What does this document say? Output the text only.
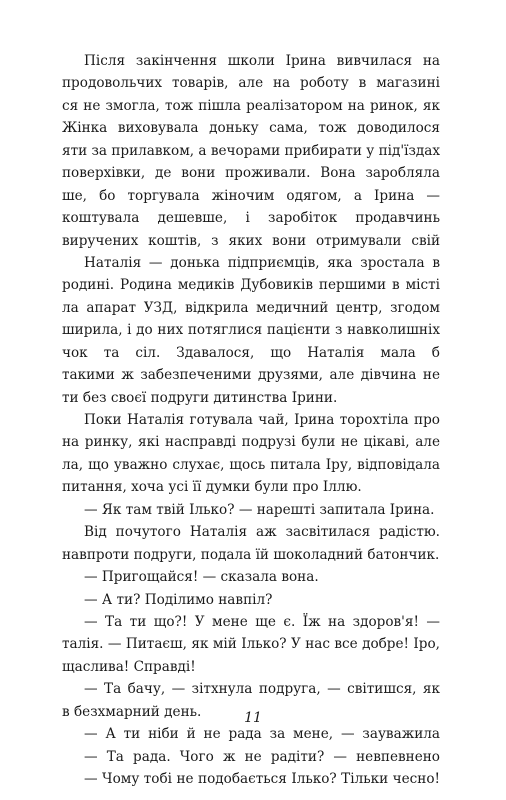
Після закінчення школи Ірина вивчилася на
продовольчих товарів, але на роботу в магазині
ся не змогла, тож пішла реалізатором на ринок, як
Жінка виховувала доньку сама, тож доводилося
яти за прилавком, а вечорами прибирати у під'їздах
поверхівки, де вони проживали. Вона заробляла
ше, бо торгувала жіночим одягом, а Ірина —
коштувала дешевше, і заробіток продавчинь
виручених коштів, з яких вони отримували свій
Наталія — донька підприємців, яка зростала в
родині. Родина медиків Дубовиків першими в місті
ла апарат УЗД, відкрила медичний центр, згодом
ширила, і до них потяглися пацієнти з навколишніх
чок та сіл. Здавалося, що Наталія мала б
такими ж забезпеченими друзями, але дівчина не
ти без своєї подруги дитинства Ірини.
Поки Наталія готувала чай, Ірина торохтіла про
на ринку, які насправді подрузі були не цікаві, але
ла, що уважно слухає, щось питала Іру, відповідала
питання, хоча усі її думки були про Іллю.
— Як там твій Ілько? — нарешті запитала Ірина.
Від почутого Наталія аж засвітилася радістю.
навпроти подруги, подала їй шоколадний батончик.
— Пригощайся! — сказала вона.
— А ти? Поділимо навпіл?
— Та ти що?! У мене ще є. Їж на здоров'я! —
талія. — Питаєш, як мій Ілько? У нас все добре! Іро,
щаслива! Справді!
— Та бачу, — зітхнула подруга, — світишся, як
в безхмарний день.
— А ти ніби й не рада за мене, — зауважила
— Та рада. Чого ж не радіти? — невпевнено
— Чому тобі не подобається Ілько? Тільки чесно!
11
